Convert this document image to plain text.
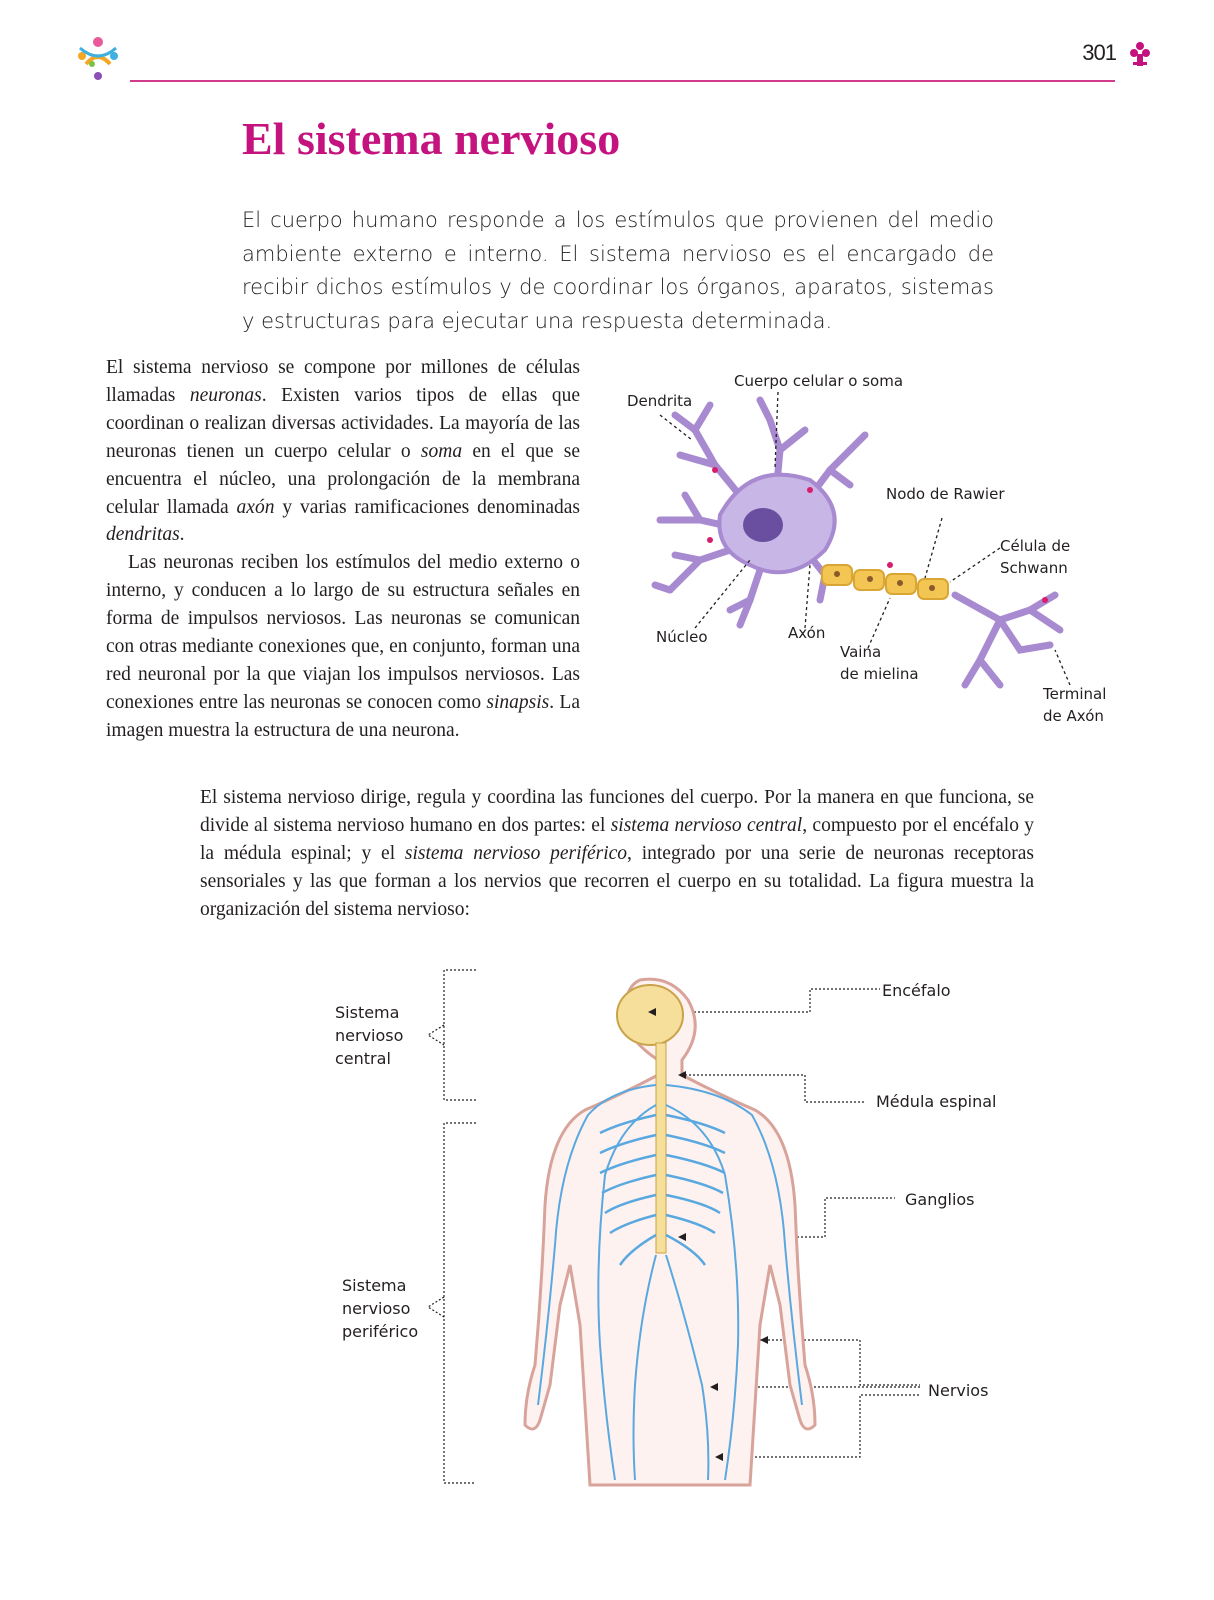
301
El sistema nervioso

El cuerpo humano responde a los estímulos que provienen del medio ambiente externo e interno. El sistema nervioso es el encargado de recibir dichos estímulos y de coordinar los órganos, aparatos, sistemas y estructuras para ejecutar una respuesta determinada.

El sistema nervioso se compone por millones de células llamadas neuronas. Existen varios tipos de ellas que coordinan o realizan diversas actividades. La mayoría de las neuronas tienen un cuerpo celular o soma en el que se encuentra el núcleo, una prolongación de la membrana celular llamada axón y varias ramificaciones denominadas dendritas.

Las neuronas reciben los estímulos del medio externo o interno, y conducen a lo largo de su estructura señales en forma de impulsos nerviosos. Las neuronas se comunican con otras mediante conexiones que, en conjunto, forman una red neuronal por la que viajan los impulsos nerviosos. Las conexiones entre las neuronas se conocen como sinapsis. La imagen muestra la estructura de una neurona.

Dendrita
Cuerpo celular o soma
Nodo de Rawier
Célula de
Schwann
Núcleo	Axón
Vaina
de mielina
Terminal
de Axón

El sistema nervioso dirige, regula y coordina las funciones del cuerpo. Por la manera en que funciona, se divide al sistema nervioso humano en dos partes: el sistema nervioso central, compuesto por el encéfalo y la médula espinal; y el sistema nervioso periférico, integrado por una serie de neuronas receptoras sensoriales y las que forman a los nervios que recorren el cuerpo en su totalidad. La figura muestra la organización del sistema nervioso:

Sistema
nervioso
central
Sistema
nervioso
periférico
Encéfalo
Médula espinal
Ganglios
Nervios
